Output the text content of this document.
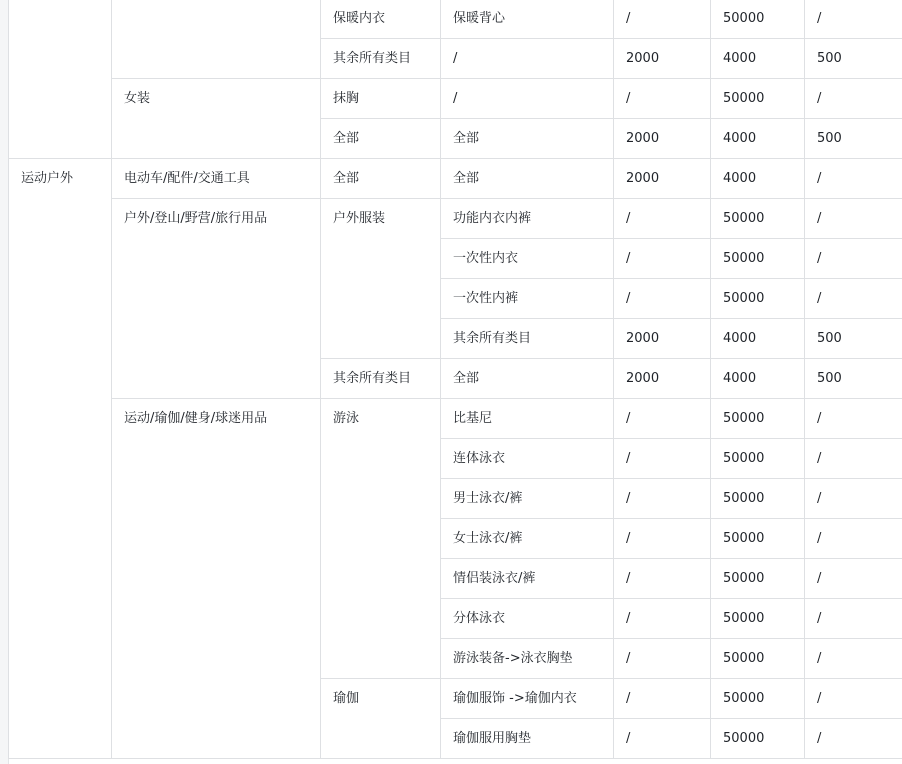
		保暖内衣	保暖背心	/	50000	/
		其余所有类目	/	2000	4000	500
	女装	抹胸	/	/	50000	/
		全部	全部	2000	4000	500
运动户外	电动车/配件/交通工具	全部	全部	2000	4000	/
	户外/登山/野营/旅行用品	户外服装	功能内衣内裤	/	50000	/
			一次性内衣	/	50000	/
			一次性内裤	/	50000	/
			其余所有类目	2000	4000	500
		其余所有类目	全部	2000	4000	500
	运动/瑜伽/健身/球迷用品	游泳	比基尼	/	50000	/
			连体泳衣	/	50000	/
			男士泳衣/裤	/	50000	/
			女士泳衣/裤	/	50000	/
			情侣装泳衣/裤	/	50000	/
			分体泳衣	/	50000	/
			游泳装备->泳衣胸垫	/	50000	/
		瑜伽	瑜伽服饰 ->瑜伽内衣	/	50000	/
			瑜伽服用胸垫	/	50000	/
